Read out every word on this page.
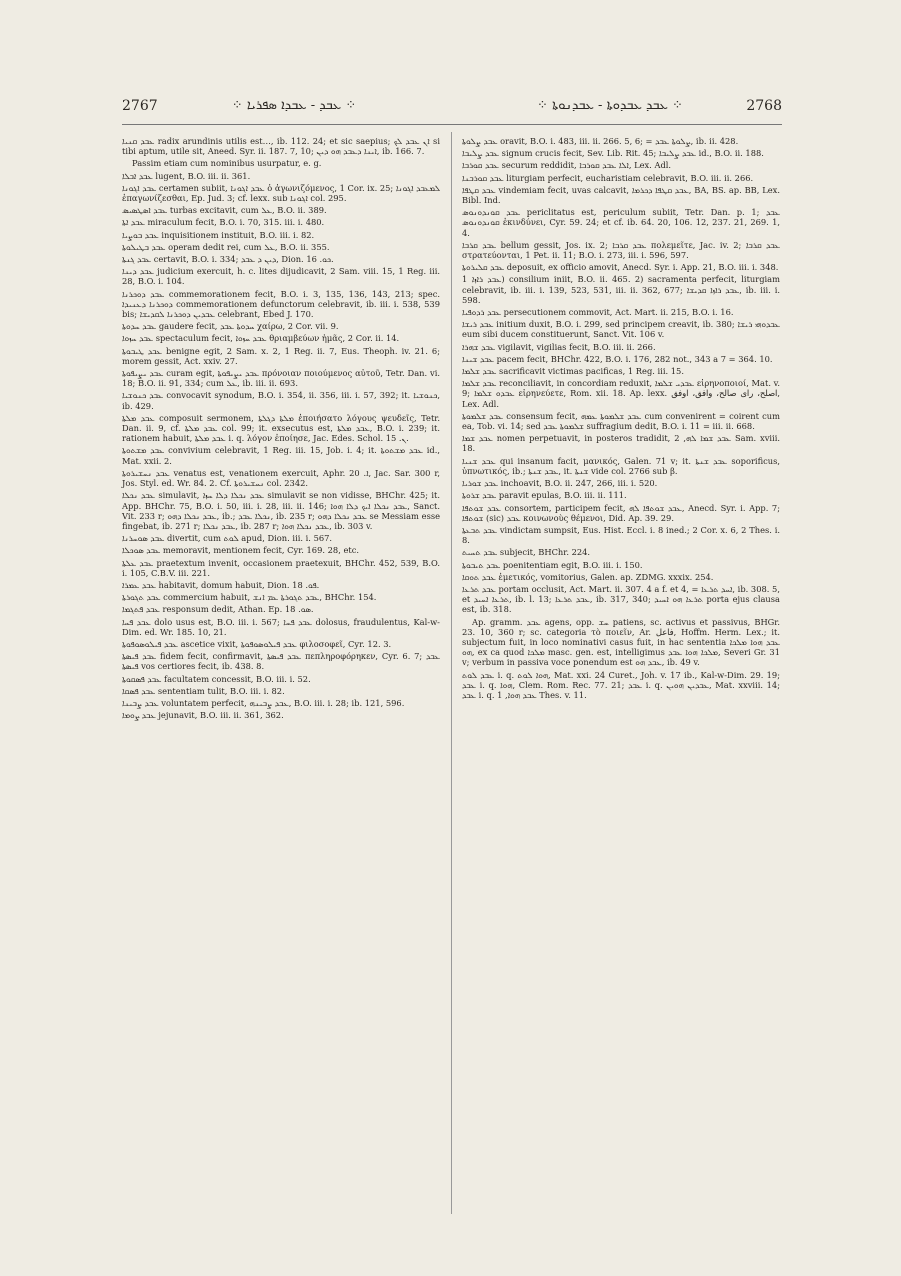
2767	⁘ ܥܒܕ - ܥܒܕܐ ܣܦܪܝܐ ⁘	⁘ ܥܒܕ ܥܒܕܘܬܐ - ܥܒܕܢܘܬܐ ⁘	2768

ܥܒܕ ܩܢܝܐ radix arundinis utilis est…, ib. 112. 24; et sic saepius; ܐܢ ܥܒܕ ܠܟ si tibi aptum, utile sit, Aneed. Syr. ii. 187. 7, 10; ܐܝܢܐ ܕܥܒܕ ܗܘ ܕܝܢ, ib. 166. 7.

Passim etiam cum nominibus usurpatur, e. g.

ܥܒܕ ܐܒܠܐ lugent, B.O. iii. ii. 361.

ܥܒܕ ܐܓܘܢܐ certamen subiit, ܥܒܕ ܐܓܘܢܐ ὁ ἀγωνιζόμενος, 1 Cor. ix. 25; ܠܡܥܒܕ ܐܓܘܢܐ ἐπαγωνίζεσθαι, Ep. Jud. 3; cf. lexx. sub ܐܓܘܢܐ col. 295.

ܥܒܕ ܐܣܛܣܝܣ turbas excitavit, cum ܥܠ, B.O. ii. 389.

ܥܒܕ ܐܬܐ miraculum fecit, B.O. i. 70, 315. iii. i. 480.

ܥܒܕ ܒܘܨܝܐ inquisitionem instituit, B.O. iii. i. 82.

ܥܒܕ ܒܛܝܠܘܬܐ operam dedit rei, cum ܥܠ, B.O. ii. 355.

ܥܒܕ ܓܢܬܐ certavit, B.O. i. 334; ܕܝܢ ܕ ܥܒܕ, Dion. ܟܘ. 16.

ܥܒܕ ܕܝܢܐ judicium exercuit, h. c. lites dijudicavit, 2 Sam. viii. 15, 1 Reg. iii. 28, B.O. i. 104.

ܥܒܕ ܕܘܟܪܢܐ commemorationem fecit, B.O. i. 3, 135, 136, 143, 213; spec. ܕܘܟܪܢܐ ܕܥܢܝܕܐ commemorationem defunctorum celebravit, ib. iii. i. 538, 539 bis; ܥܒܕܝܢ ܕܘܟܪܢܐ ܠܩܕܝܫܐ celebrant, Ebed J. 170.

ܥܒܕ ܚܕܘܬܐ gaudere fecit, ܚܕܘܬܐ ܥܒܕ χαίρω, 2 Cor. vii. 9.

ܥܒܕ ܚܙܘܐ spectaculum fecit, ܥܒܕ ܚܙܘܐ θριαμβεύων ἡμᾶς, 2 Cor. ii. 14.

ܥܒܕ ܛܝܒܘܬܐ benigne egit, 2 Sam. x. 2, 1 Reg. ii. 7, Eus. Theoph. iv. 21. 6; morem gessit, Act. xxiv. 27.

ܥܒܕ ܝܨܝܦܘܬܐ curam egit, ܥܒܕ ܝܨܝܦܘܬܐ πρόνοιαν ποιούμενος αὐτοῦ, Tetr. Dan. vi. 18; B.O. ii. 91, 334; cum ܥܠ, ib. iii. ii. 693.

ܥܒܕ ܟܢܘܫܝܐ convocavit synodum, B.O. i. 354, ii. 356, iii. i. 57, 392; it. ܟܢܘܫܝܐ, ib. 429.

ܥܒܕ ܡܠܬܐ composuit sermonem, ܡܠܬܐ ܕܓܠܬܐ ἐποιήσατο λόγους ψευδεῖς, Tetr. Dan. ii. 9, cf. ܥܒܕ ܡܠܬܐ col. 99; it. exsecutus est, ܥܒܕ ܡܠܬܐ, B.O. i. 239; it. rationem habuit, ܥܒܕ ܡܠܬܐ i. q. λόγον ἐποίησε, Jac. Edes. Schol. ܢ. 15.

ܥܒܕ ܡܫܬܘܬܐ convivium celebravit, 1 Reg. iii. 15, Job. i. 4; it. ܥܒܕ ܡܫܬܘܬܐ id., Mat. xxii. 2.

ܥܒܕ ܢܚܫܝܪܘܬܐ venatus est, venationem exercuit, Aphr. ܐ. 20, Jac. Sar. 300 r, Jos. Styl. ed. Wr. 84. 2. Cf. ܢܚܫܝܪܘܬܐ col. 2342.

ܥܒܕ ܢܟܠܐ simulavit, ܥܒܕ ܢܟܠܐ ܕܠܐ ܚܙܐ simulavit se non vidisse, BHChr. 425; it. App. BHChr. 75, B.O. i. 50, iii. i. 28, iii. ii. 146; ܥܒܕ ܢܟܠܐ ܐܝܟ ܕܠܐ ܗܘܐ, Sanct. Vit. 233 r; ܥܒܕ ܢܟܠܐ ܕܗܘ, ib.; ܢܟܠܐ ܥܒܕ, ib. 235 r; ܥܒܕ ܢܟܠܐ ܕܗܘ se Messiam esse fingebat, ib. 271 r; ܥܒܕ ܢܟܠܐ, ib. 287 r; ܥܒܕ ܢܟܠܐ ܗܘܐ, ib. 303 v.

ܥܒܕ ܣܘܚܪܢܐ divertit, cum ܠܘܬ apud, Dion. iii. i. 567.

ܥܒܕ ܣܘܟܠܐ memoravit, mentionem fecit, Cyr. 169. 28, etc.

ܥܒܕ ܥܠܬܐ praetextum invenit, occasionem praetexuit, BHChr. 452, 539, B.O. i. 105, C.B.V. iii. 221.

ܥܒܕ ܥܡܪܐ habitavit, domum habuit, Dion. ܦܘ. 18.

ܥܒܕ ܬܓܘܪܬܐ commercium habuit, ܥܒܕ ܬܓܘܪܬܐ ܥܡ ܐܢܫ, BHChr. 154.

ܥܒܕ ܦܬܓܡܐ responsum dedit, Athan. Ep. ܣܘ. 18.

ܥܒܕ ܦܚܐ dolo usus est, B.O. iii. i. 567; ܥܒܕ ܦܚܐ dolosus, fraudulentus, Kal-w-Dim. ed. Wr. 185. 10, 21.

ܥܒܕ ܦܝܠܘܣܘܦܘܬܐ ascetice vixit, ܥܒܕ ܦܝܠܘܣܘܦܘܬܐ φιλοσοφεῖ, Cyr. 12. 3.

ܥܒܕ ܦܝܣܬܐ fidem fecit, confirmavit, ܥܒܕ ܦܝܣܬܐ πεπληροφόρηκεν, Cyr. 6. 7; ܥܒܕ ܦܝܣܬܐ vos certiores fecit, ib. 438. 8.

ܥܒܕ ܦܣܩܘܬܐ facultatem concessit, B.O. iii. i. 52.

ܥܒܕ ܦܣܩܐ sententiam tulit, B.O. iii. i. 82.

ܥܒܕ ܨܒܝܢܐ voluntatem perfecit, ܥܒܕ ܨܒܝܢܗ, B.O. iii. i. 28; ib. 121, 596.

ܥܒܕ ܨܘܡܐ jejunavit, B.O. iii. ii. 361, 362.

ܥܒܕ ܨܠܘܬܐ oravit, B.O. i. 483, iii. ii. 266. 5, 6; = ܨܠܘܬܐ ܥܒܕ, ib. ii. 428.

ܥܒܕ ܨܠܝܒܐ signum crucis fecit, Sev. Lib. Rit. 45; ܥܒܕ ܨܠܝܒܐ id., B.O. ii. 188.

ܥܒܕ ܩܘܪܒܐ securum reddidit, ܐܠܐ ܥܒܕ ܩܘܪܒܐ, Lex. Adl.

ܥܒܕ ܩܘܪܒܢܐ liturgiam perfecit, eucharistiam celebravit, B.O. iii. ii. 266.

ܥܒܕ ܩܛܦܐ vindemiam fecit, uvas calcavit, ܥܒܕ ܩܛܦܐ ܕܟܪܡܐ, BA, BS. ap. BB, Lex. Bibl. Ind.

ܥܒܕ ܩܘܢܕܘܢܘܣ periclitatus est, periculum subiit, Tetr. Dan. p. 1; ܥܒܕ ܩܘܢܕܘܢܘܣ ἐκινδύνει, Cyr. 59. 24; et cf. ib. 64. 20, 106. 12, 237. 21, 269. 1, 4.

ܥܒܕ ܩܪܒܐ bellum gessit, Jos. ix. 2; ܥܒܕ ܩܪܒܐ πολεμεῖτε, Jac. iv. 2; ܥܒܕ ܩܪܒܐ στρατεύονται, 1 Pet. ii. 11; B.O. i. 273, iii. i. 596, 597.

ܥܒܕ ܩܠܝܪܘܬܐ deposuit, ex officio amovit, Anecd. Syr. i. App. 21, B.O. iii. i. 348.

ܥܒܕ ܪܐܙܐ 1) consilium iniit, B.O. ii. 465. 2) sacramenta perfecit, liturgiam celebravit, ib. iii. i. 139, 523, 531, iii. ii. 362, 677; ܥܒܕ ܪܐܙܐ ܩܕܝܫܐ, ib. iii. i. 598.

ܥܒܕ ܪܕܘܦܝܐ persecutionem commovit, Act. Mart. ii. 215, B.O. i. 16.

ܥܒܕ ܪܝܫܐ initium duxit, B.O. i. 299, sed principem creavit, ib. 380; ܥܒܕܘܗܝ ܪܝܫܐ eum sibi ducem constituerunt, Sanct. Vit. 106 v.

ܥܒܕ ܫܗܪܐ vigilavit, vigilias fecit, B.O. iii. ii. 266.

ܥܒܕ ܫܝܢܐ pacem fecit, BHChr. 422, B.O. i. 176, 282 not., 343 a 7 = 364. 10.

ܥܒܕ ܫܠܡܐ sacrificavit victimas pacificas, 1 Reg. iii. 15.

ܥܒܕ ܫܠܡܐ reconciliavit, in concordiam reduxit, ܥܒܕܝ ܫܠܡܐ εἰρηνοποιοί, Mat. v. 9; ܥܒܕܘ ܫܠܡܐ εἰρηνεύετε, Rom. xii. 18. Ap. lexx. اصلح، راى صالح، وافق، اوفق, Lex. Adl.

ܥܒܕ ܫܠܡܘܬܐ consensum fecit, ܥܒܕ ܫܠܡܘܬܐ ܥܡܗ cum convenirent = coirent cum ea, Tob. vi. 14; sed ܫܠܡܘܬܐ ܥܒܕ suffragium dedit, B.O. i. 11 = iii. ii. 668.

ܥܒܕ ܫܡܐ nomen perpetuavit, in posteros tradidit, ܥܒܕ ܫܡܐ ܠܗ, 2 Sam. xviii. 18.

ܥܒܕ ܫܢܝܐ qui insanum facit, μανικός, Galen. 71 v; it. ܥܒܕ ܫܢܬܐ soporificus, ὑπνωτικός, ib.; ܥܒܕ ܫܢܬܐ, it. ܫܢܬܐ vide col. 2766 sub β.

ܥܒܕ ܫܘܪܝܐ inchoavit, B.O. ii. 247, 266, iii. i. 520.

ܥܒܕ ܫܪܘܬܐ paravit epulas, B.O. iii. ii. 111.

ܥܒܕ ܫܘܬܦܐ consortem, participem fecit, ܥܒܕ ܫܘܬܦܐ ܠܗ, Anecd. Syr. i. App. 7; ܫܘܬܦܐ (sic) ܥܒܕ κοινωνοὺς θέμενοι, Did. Ap. 39. 29.

ܥܒܕ ܬܒܥܬܐ vindictam sumpsit, Eus. Hist. Eccl. i. 8 ined.; 2 Cor. x. 6, 2 Thes. i. 8.

ܥܒܕ ܬܚܝܬ subjecit, BHChr. 224.

ܥܒܕ ܬܝܒܘܬܐ poenitentiam egit, B.O. iii. i. 150.

ܥܒܕ ܬܘܩܐ ἐμετικός, vomitorius, Galen. ap. ZDMG. xxxix. 254.

ܥܒܕ ܬܪܥܐ portam occlusit, Act. Mart. ii. 307. 4 a f. et 4, = ܐܚܕ ܬܪܥܐ, ib. 308. 5, et ܬܪܥܐ ܐܚܝܕ, ib. l. 13; ܥܒܕ ܬܪܥܐ, ib. 317, 340; ܬܪܥܐ ܗܘ ܐܚܝܕ porta ejus clausa est, ib. 318.

Ap. gramm. ܥܒܕ agens, opp. ܚܫ patiens, sc. activus et passivus, BHGr. 23. 10, 360 r; sc. categoria τὸ ποιεῖν, Ar. فاعل, Hoffm. Herm. Lex.; it. subjectum fuit, in loco nominativi casus fuit, in hac sententia ܥܒܕ ܗܘܐ ܡܠܟܐ ܗܘ, ex ca quod ܡܠܟܐ masc. gen. est, intelligimus ܡܠܟܐ ܗܘܐ ܥܒܕ, Severi Gr. 31 v; verbum in passiva voce ponendum est ܥܒܕ ܗܘ, ib. 49 v.

ܥܒܕ ܠܘܬ i. q. ܗܘܐ ܠܘܬ, Mat. xxi. 24 Curet., Joh. v. 17 ib., Kal-w-Dim. 29. 19; ܥܒܕ i. q. ܗܘܐ, Clem. Rom. Rec. 77. 21; ܥܒܕ i. q. ܥܒܕܝܢ ܗܘܝܢ, Mat. xxviii. 14; ܥܒܕ i. q. ܥܒܕ ܗܘܐ, 1 Thes. v. 11.
